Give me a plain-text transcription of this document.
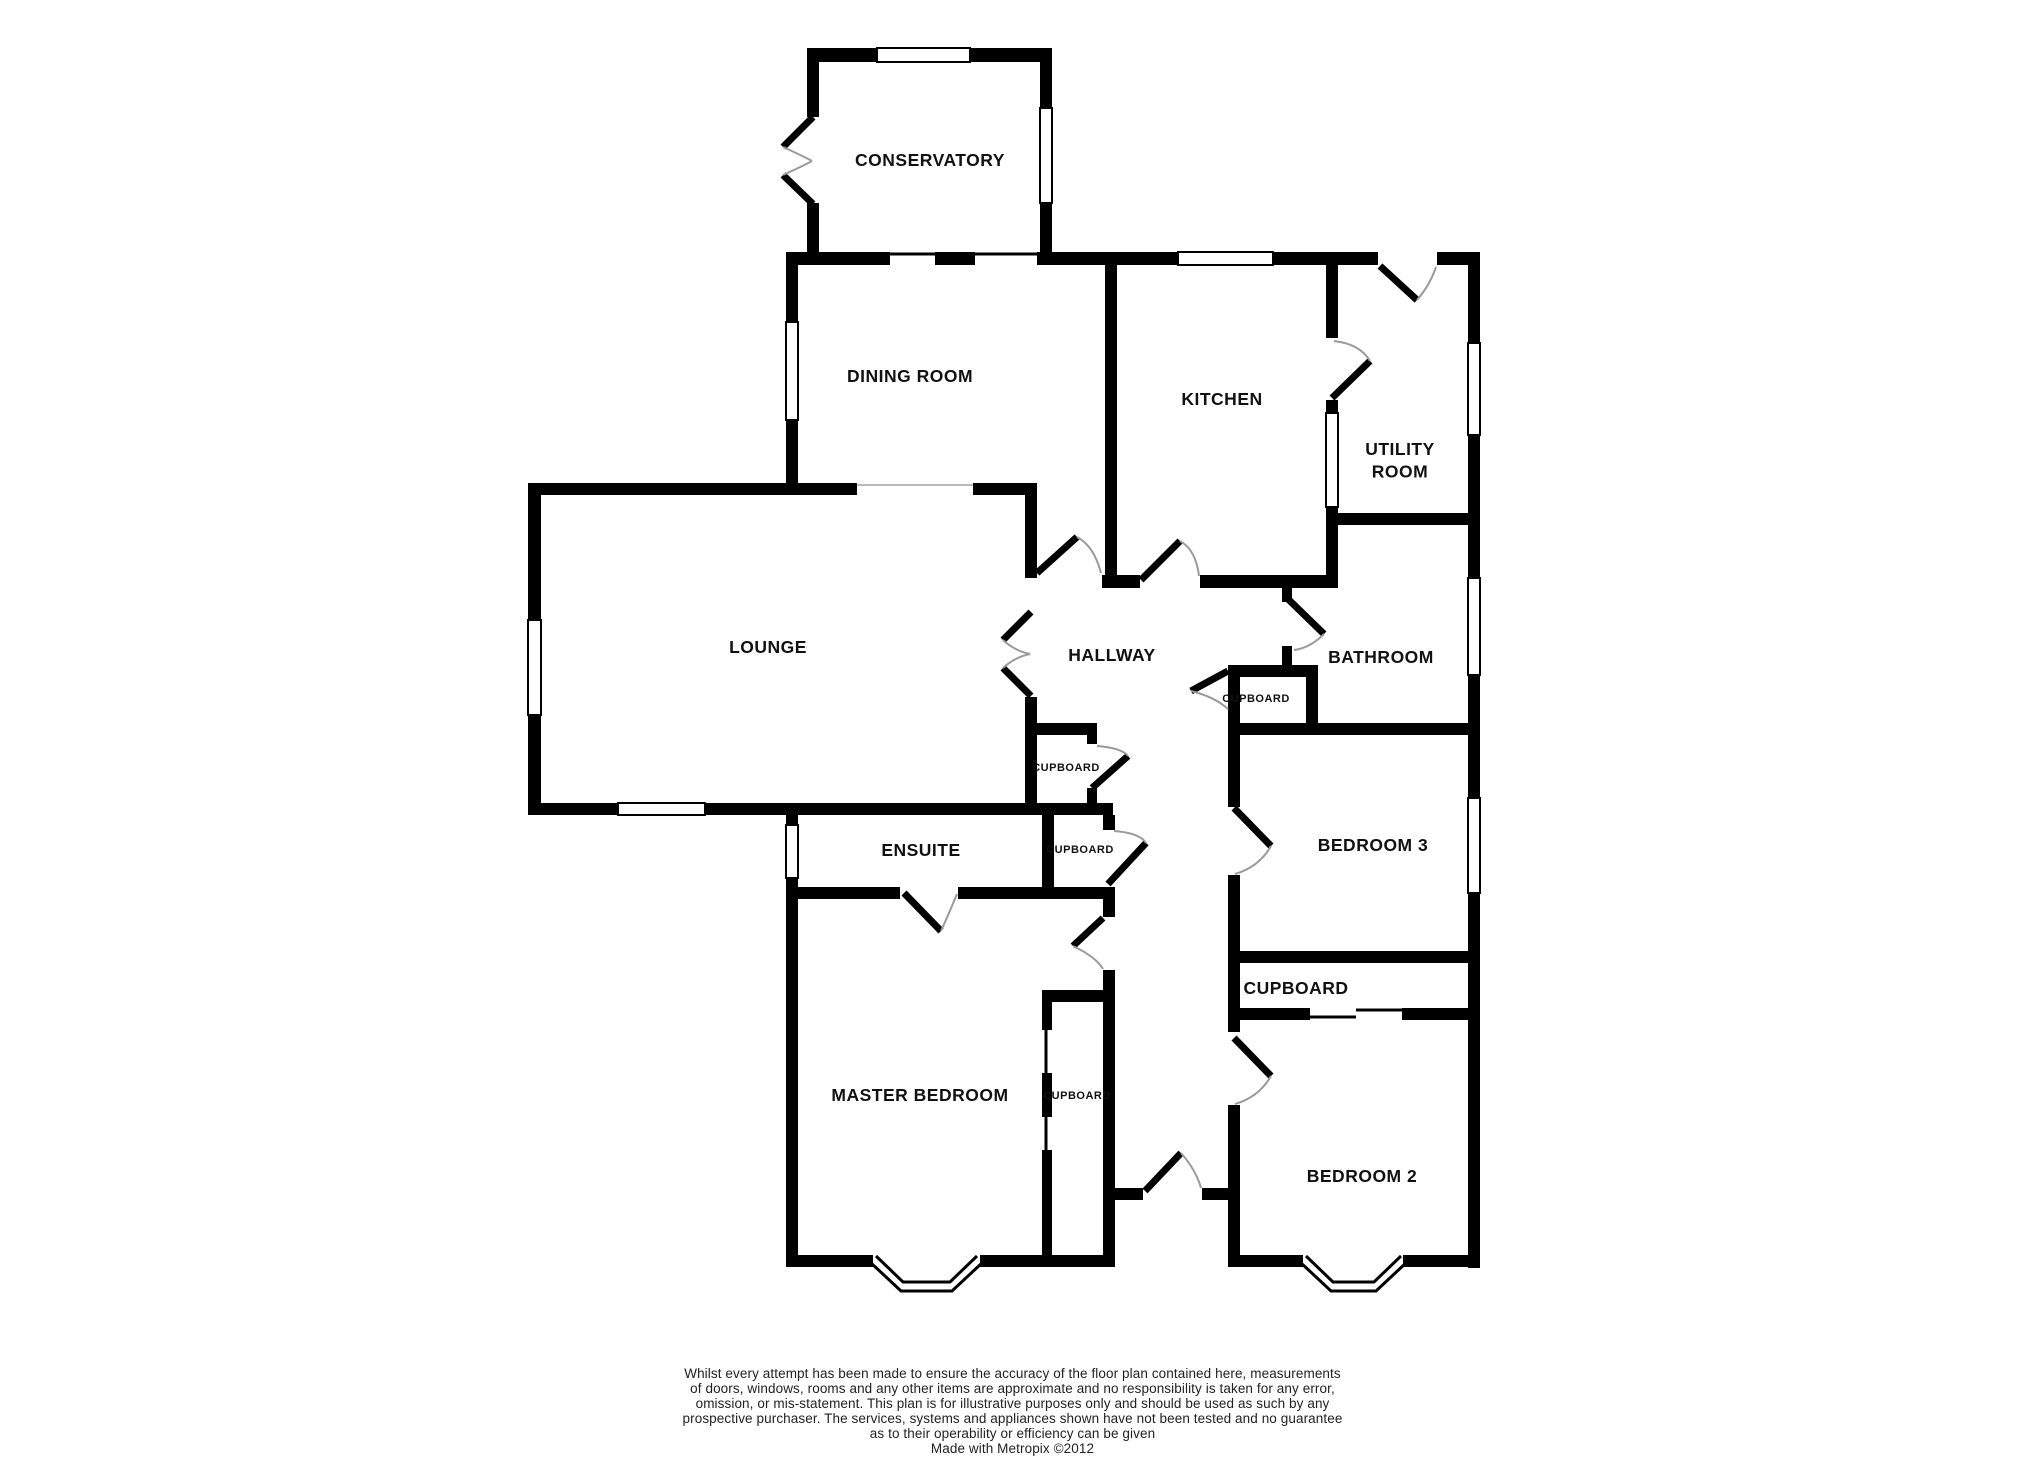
CONSERVATORY
DINING ROOM
KITCHEN
UTILITY
ROOM
LOUNGE	HALLWAY	BATHROOM
CUPBOARD
CUPBOARD
CUPBOARD
ENSUITE	BEDROOM 3
CUPBOARD
MASTER BEDROOM	CUPBOARD
BEDROOM 2
Whilst every attempt has been made to ensure the accuracy of the floor plan contained here, measurements
of doors, windows, rooms and any other items are approximate and no responsibility is taken for any error,
omission, or mis-statement. This plan is for illustrative purposes only and should be used as such by any
prospective purchaser. The services, systems and appliances shown have not been tested and no guarantee
as to their operability or efficiency can be given
Made with Metropix ©2012
